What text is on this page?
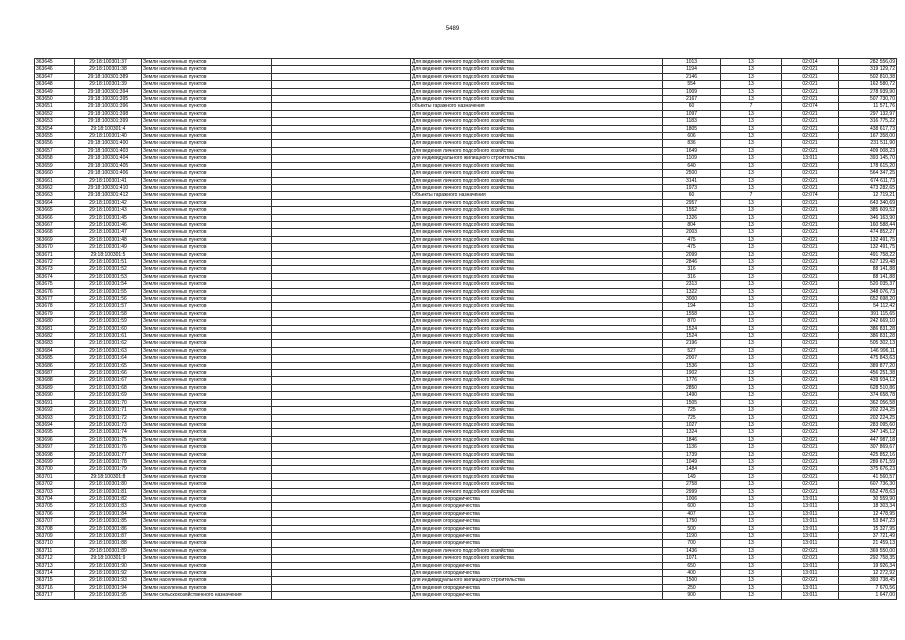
5489
363645	29:18:100301:37	Земли населенных пунктов		Для ведения личного подсобного хозяйства	1013	13	02:014	282 556,09
363646	29:18:100301:38	Земли населенных пунктов		Для ведения личного подсобного хозяйства	1194	13	02:021	319 129,72
363647	29:18:100301:389	Земли населенных пунктов		Для ведения личного подсобного хозяйства	2146	13	02:021	502 810,38
363648	29:18:100301:39	Земли населенных пунктов		Для ведения личного подсобного хозяйства	554	13	02:021	162 580,72
363649	29:18:100301:394	Земли населенных пунктов		Для ведения личного подсобного хозяйства	1009	13	02:021	278 939,90
363650	29:18:100301:395	Земли населенных пунктов		Для ведения личного подсобного хозяйства	2167	13	02:021	507 730,70
363651	29:18:100301:396	Земли населенных пунктов		объекты гаражного назначения	60	7	02:074	11 571,76
363652	29:18:100301:398	Земли населенных пунктов		Для ведения личного подсобного хозяйства	1097	13	02:021	297 132,97
363653	29:18:100301:399	Земли населенных пунктов		Для ведения личного подсобного хозяйства	1183	13	02:021	316 775,22
363654	29:18:100301:4	Земли населенных пунктов		Для ведения личного подсобного хозяйства	1805	13	02:021	438 617,73
363655	29:18:100301:40	Земли населенных пунктов		Для ведения личного подсобного хозяйства	606	13	02:021	167 358,00
363656	29:18:100301:400	Земли населенных пунктов		Для ведения личного подсобного хозяйства	836	13	02:021	231 511,90
363657	29:18:100301:403	Земли населенных пунктов		Для ведения личного подсобного хозяйства	1649	13	02:021	409 008,23
363658	29:18:100301:404	Земли населенных пунктов		для индивидуального жилищного строительства	1109	13	13:011	393 145,70
363659	29:18:100301:405	Земли населенных пунктов		Для ведения личного подсобного хозяйства	640	13	02:021	178 615,20
363660	29:18:100301:406	Земли населенных пунктов		Для ведения личного подсобного хозяйства	2500	13	02:021	564 347,25
363661	29:18:100301:41	Земли населенных пунктов		Для ведения личного подсобного хозяйства	3141	13	02:021	674 611,73
363662	29:18:100301:410	Земли населенных пунктов		Для ведения личного подсобного хозяйства	1973	13	02:021	473 282,65
363663	29:18:100301:412	Земли населенных пунктов		Объекты гаражного назначения	60	7	02:074	12 719,21
363664	29:18:100301:42	Земли населенных пунктов		Для ведения личного подсобного хозяйства	2957	13	02:021	643 340,69
363665	29:18:100301:43	Земли населенных пунктов		Для ведения личного подсобного хозяйства	1552	13	02:021	385 609,52
363666	29:18:100301:45	Земли населенных пунктов		Для ведения личного подсобного хозяйства	1326	13	02:021	346 163,90
363667	29:18:100301:46	Земли населенных пунктов		Для ведения личного подсобного хозяйства	804	13	02:021	160 588,44
363668	29:18:100301:47	Земли населенных пунктов		Для ведения личного подсобного хозяйства	2003	13	02:021	474 852,27
363669	29:18:100301:48	Земли населенных пунктов		Для ведения личного подсобного хозяйства	475	13	02:021	132 491,75
363670	29:18:100301:49	Земли населенных пунктов		Для ведения личного подсобного хозяйства	475	13	02:021	132 491,75
363671	29:18:100301:5	Земли населенных пунктов		Для ведения личного подсобного хозяйства	2099	13	02:021	491 758,22
363672	29:18:100301:51	Земли населенных пунктов		Для ведения личного подсобного хозяйства	2846	13	02:021	627 129,48
363673	29:18:100301:52	Земли населенных пунктов		Для ведения личного подсобного хозяйства	316	13	02:021	88 141,88
363674	29:18:100301:53	Земли населенных пунктов		Для ведения личного подсобного хозяйства	316	13	02:021	88 141,88
363675	29:18:100301:54	Земли населенных пунктов		Для ведения личного подсобного хозяйства	2313	13	02:021	520 035,37
363676	29:18:100301:55	Земли населенных пунктов		Для ведения личного подсобного хозяйства	1322	13	02:021	348 076,73
363677	29:18:100301:56	Земли населенных пунктов		Для ведения личного подсобного хозяйства	3000	13	02:021	652 698,20
363678	29:18:100301:57	Земли населенных пунктов		Для ведения личного подсобного хозяйства	194	13	02:021	54 112,42
363679	29:18:100301:58	Земли населенных пунктов		Для ведения личного подсобного хозяйства	1558	13	02:021	391 115,65
363680	29:18:100301:59	Земли населенных пунктов		Для ведения личного подсобного хозяйства	870	13	02:021	242 669,10
363681	29:18:100301:60	Земли населенных пунктов		Для ведения личного подсобного хозяйства	1524	13	02:021	386 831,28
363682	29:18:100301:61	Земли населенных пунктов		Для ведения личного подсобного хозяйства	1524	13	02:021	386 831,28
363683	29:18:100301:62	Земли населенных пунктов		Для ведения личного подсобного хозяйства	2196	13	02:021	505 302,13
363684	29:18:100301:63	Земли населенных пунктов		Для ведения личного подсобного хозяйства	527	13	02:021	146 996,11
363685	29:18:100301:64	Земли населенных пунктов		Для ведения личного подсобного хозяйства	2007	13	02:021	475 843,63
363686	29:18:100301:65	Земли населенных пунктов		Для ведения личного подсобного хозяйства	1536	13	02:021	389 877,20
363687	29:18:100301:66	Земли населенных пунктов		Для ведения личного подсобного хозяйства	1902	13	02:021	456 251,38
363688	29:18:100301:67	Земли населенных пунктов		Для ведения личного подсобного хозяйства	1776	13	02:021	439 934,12
363689	29:18:100301:68	Земли населенных пунктов		Для ведения личного подсобного хозяйства	2850	13	02:021	628 510,86
363690	29:18:100301:69	Земли населенных пунктов		Для ведения личного подсобного хозяйства	1490	13	02:021	374 658,78
363691	29:18:100301:70	Земли населенных пунктов		Для ведения личного подсобного хозяйства	1505	13	02:021	362 056,58
363692	29:18:100301:71	Земли населенных пунктов		Для ведения личного подсобного хозяйства	725	13	02:021	202 224,25
363693	29:18:100301:72	Земли населенных пунктов		Для ведения личного подсобного хозяйства	725	13	02:021	202 224,25
363694	29:18:100301:73	Земли населенных пунктов		Для ведения личного подсобного хозяйства	1027	13	02:021	283 095,60
363695	29:18:100301:74	Земли населенных пунктов		Для ведения личного подсобного хозяйства	1324	13	02:021	347 145,12
363696	29:18:100301:75	Земли населенных пунктов		Для ведения личного подсобного хозяйства	1846	13	02:021	447 987,18
363697	29:18:100301:76	Земли населенных пунктов		Для ведения личного подсобного хозяйства	1136	13	02:021	307 869,67
363698	29:18:100301:77	Земли населенных пунктов		Для ведения личного подсобного хозяйства	1739	13	02:021	425 852,16
363699	29:18:100301:78	Земли населенных пунктов		Для ведения личного подсобного хозяйства	1049	13	02:021	289 671,59
363700	29:18:100301:79	Земли населенных пунктов		Для ведения личного подсобного хозяйства	1484	13	02:021	375 676,23
363701	29:18:100301:8	Земли населенных пунктов		Для ведения личного подсобного хозяйства	149	13	02:021	41 560,57
363702	29:18:100301:80	Земли населенных пунктов		Для ведения личного подсобного хозяйства	2758	13	02:021	607 736,30
363703	29:18:100301:81	Земли населенных пунктов		Для ведения личного подсобного хозяйства	2999	13	02:021	652 478,63
363704	29:18:100301:82	Земли населенных пунктов		Для ведения огородничества	1006	13	13:011	30 559,90
363705	29:18:100301:83	Земли населенных пунктов		Для ведения огородничества	600	13	13:011	18 303,34
363706	29:18:100301:84	Земли населенных пунктов		Для ведения огородничества	407	13	13:011	12 478,95
363707	29:18:100301:85	Земли населенных пунктов		Для ведения огородничества	1750	13	13:011	53 847,23
363708	29:18:100301:86	Земли населенных пунктов		Для ведения огородничества	500	13	13:011	15 327,95
363709	29:18:100301:87	Земли населенных пунктов		Для ведения огородничества	1190	13	13:011	37 721,49
363710	29:18:100301:88	Земли населенных пунктов		Для ведения огородничества	700	13	13:011	21 459,13
363711	29:18:100301:89	Земли населенных пунктов		Для ведения личного подсобного хозяйства	1436	13	02:021	369 550,00
363712	29:18:100301:9	Земли населенных пунктов		Для ведения личного подсобного хозяйства	1071	13	02:021	292 758,35
363713	29:18:100301:90	Земли населенных пунктов		Для ведения огородничества	650	13	13:011	19 926,34
363714	29:18:100301:92	Земли населенных пунктов		Для ведения огородничества	400	13	13:011	12 272,92
363715	29:18:100301:93	Земли населенных пунктов		для индивидуального жилищного строительства	1500	13	02:021	393 738,45
363716	29:18:100301:94	Земли населенных пунктов		Для ведения огородничества	250	13	13:011	7 670,56
363717	29:18:100301:95	Земли сельскохозяйственного назначения		Для ведения огородничества	900	13	13:011	1 647,00
